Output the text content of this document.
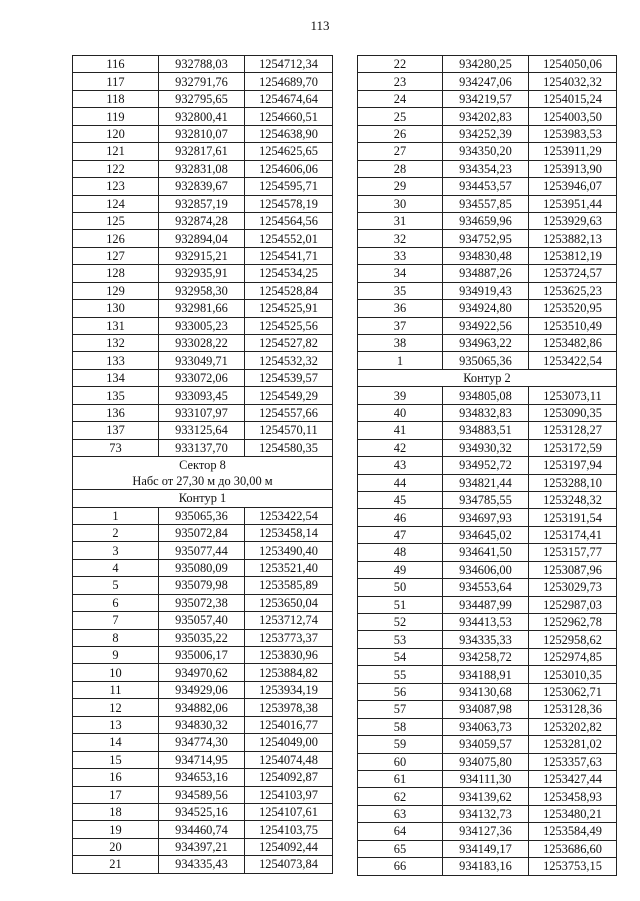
113
116	932788,03	1254712,34
117	932791,76	1254689,70
118	932795,65	1254674,64
119	932800,41	1254660,51
120	932810,07	1254638,90
121	932817,61	1254625,65
122	932831,08	1254606,06
123	932839,67	1254595,71
124	932857,19	1254578,19
125	932874,28	1254564,56
126	932894,04	1254552,01
127	932915,21	1254541,71
128	932935,91	1254534,25
129	932958,30	1254528,84
130	932981,66	1254525,91
131	933005,23	1254525,56
132	933028,22	1254527,82
133	933049,71	1254532,32
134	933072,06	1254539,57
135	933093,45	1254549,29
136	933107,97	1254557,66
137	933125,64	1254570,11
73	933137,70	1254580,35

Сектор 8
Набс от 27,30 м до 30,00 м		

Контур 1		

1	935065,36	1253422,54
2	935072,84	1253458,14
3	935077,44	1253490,40
4	935080,09	1253521,40
5	935079,98	1253585,89
6	935072,38	1253650,04
7	935057,40	1253712,74
8	935035,22	1253773,37
9	935006,17	1253830,96
10	934970,62	1253884,82
11	934929,06	1253934,19
12	934882,06	1253978,38
13	934830,32	1254016,77
14	934774,30	1254049,00
15	934714,95	1254074,48
16	934653,16	1254092,87
17	934589,56	1254103,97
18	934525,16	1254107,61
19	934460,74	1254103,75
20	934397,21	1254092,44
21	934335,43	1254073,84
22	934280,25	1254050,06
23	934247,06	1254032,32
24	934219,57	1254015,24
25	934202,83	1254003,50
26	934252,39	1253983,53
27	934350,20	1253911,29
28	934354,23	1253913,90
29	934453,57	1253946,07
30	934557,85	1253951,44
31	934659,96	1253929,63
32	934752,95	1253882,13
33	934830,48	1253812,19
34	934887,26	1253724,57
35	934919,43	1253625,23
36	934924,80	1253520,95
37	934922,56	1253510,49
38	934963,22	1253482,86
1	935065,36	1253422,54

Контур 2		

39	934805,08	1253073,11
40	934832,83	1253090,35
41	934883,51	1253128,27
42	934930,32	1253172,59
43	934952,72	1253197,94
44	934821,44	1253288,10
45	934785,55	1253248,32
46	934697,93	1253191,54
47	934645,02	1253174,41
48	934641,50	1253157,77
49	934606,00	1253087,96
50	934553,64	1253029,73
51	934487,99	1252987,03
52	934413,53	1252962,78
53	934335,33	1252958,62
54	934258,72	1252974,85
55	934188,91	1253010,35
56	934130,68	1253062,71
57	934087,98	1253128,36
58	934063,73	1253202,82
59	934059,57	1253281,02
60	934075,80	1253357,63
61	934111,30	1253427,44
62	934139,62	1253458,93
63	934132,73	1253480,21
64	934127,36	1253584,49
65	934149,17	1253686,60
66	934183,16	1253753,15
